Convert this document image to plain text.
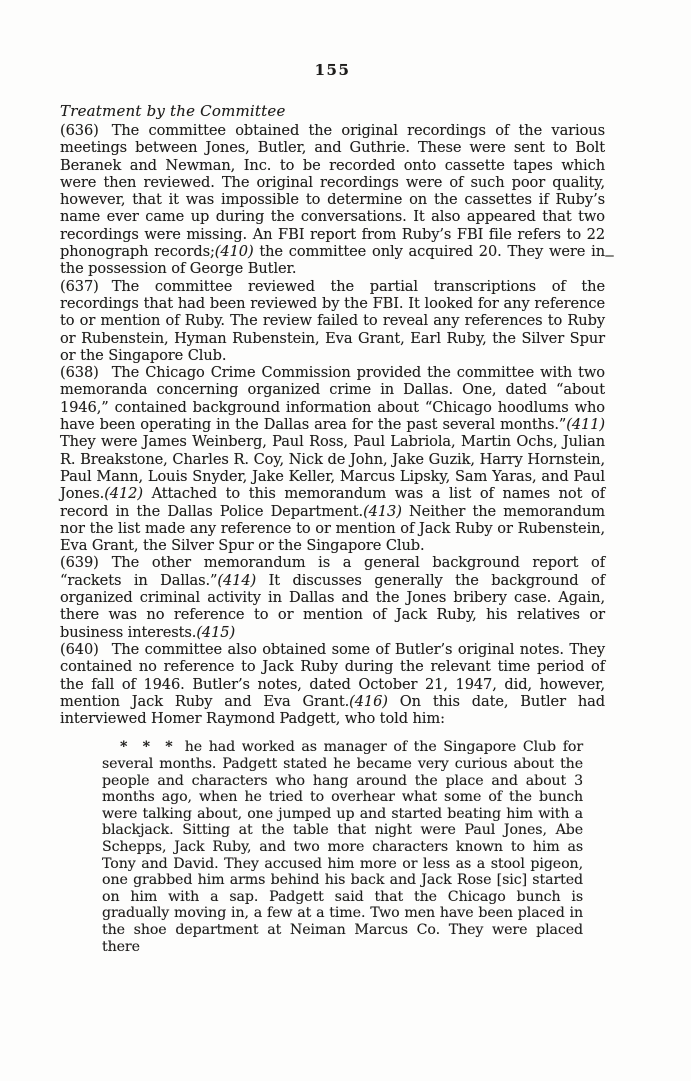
155
Treatment by the Committee

(636) The committee obtained the original recordings of the various meetings between Jones, Butler, and Guthrie. These were sent to Bolt Beranek and Newman, Inc. to be recorded onto cassette tapes which were then reviewed. The original recordings were of such poor quality, however, that it was impossible to determine on the cassettes if Ruby’s name ever came up during the conversations. It also appeared that two recordings were missing. An FBI report from Ruby’s FBI file refers to 22 phonograph records;(410) the committee only acquired 20. They were in the possession of George Butler.

(637) The committee reviewed the partial transcriptions of the recordings that had been reviewed by the FBI. It looked for any reference to or mention of Ruby. The review failed to reveal any references to Ruby or Rubenstein, Hyman Rubenstein, Eva Grant, Earl Ruby, the Silver Spur or the Singapore Club.

(638) The Chicago Crime Commission provided the committee with two memoranda concerning organized crime in Dallas. One, dated “about 1946,” contained background information about “Chicago hoodlums who have been operating in the Dallas area for the past several months.”(411) They were James Weinberg, Paul Ross, Paul Labriola, Martin Ochs, Julian R. Breakstone, Charles R. Coy, Nick de John, Jake Guzik, Harry Hornstein, Paul Mann, Louis Snyder, Jake Keller, Marcus Lipsky, Sam Yaras, and Paul Jones.(412) Attached to this memorandum was a list of names not of record in the Dallas Police Department.(413) Neither the memorandum nor the list made any reference to or mention of Jack Ruby or Rubenstein, Eva Grant, the Silver Spur or the Singapore Club.

(639) The other memorandum is a general background report of “rackets in Dallas.”(414) It discusses generally the background of organized criminal activity in Dallas and the Jones bribery case. Again, there was no reference to or mention of Jack Ruby, his relatives or business interests.(415)

(640) The committee also obtained some of Butler’s original notes. They contained no reference to Jack Ruby during the relevant time period of the fall of 1946. Butler’s notes, dated October 21, 1947, did, however, mention Jack Ruby and Eva Grant.(416) On this date, Butler had interviewed Homer Raymond Padgett, who told him:

* * * he had worked as manager of the Singapore Club for several months. Padgett stated he became very curious about the people and characters who hang around the place and about 3 months ago, when he tried to overhear what some of the bunch were talking about, one jumped up and started beating him with a blackjack. Sitting at the table that night were Paul Jones, Abe Schepps, Jack Ruby, and two more characters known to him as Tony and David. They accused him more or less as a stool pigeon, one grabbed him arms behind his back and Jack Rose [sic] started on him with a sap. Padgett said that the Chicago bunch is gradually moving in, a few at a time. Two men have been placed in the shoe department at Neiman Marcus Co. They were placed there
